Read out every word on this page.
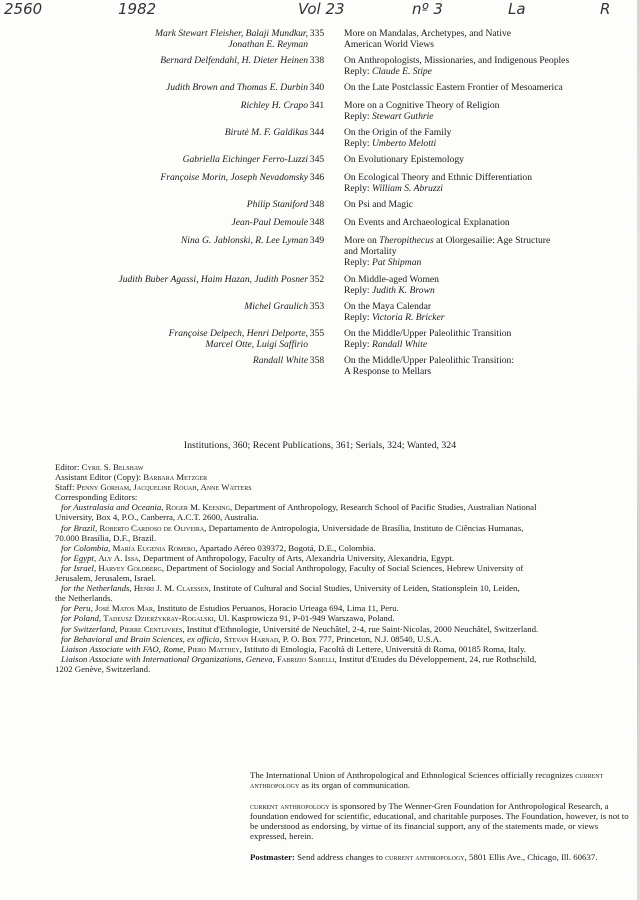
2560	1982	Vol 23	nº 3	La	R
Mark Stewart Fleisher, Balaji Mundkur,
Jonathan E. Reyman
335	More on Mandalas, Archetypes, and Native
American World Views
Bernard Delfendahl, H. Dieter Heinen 338	On Anthropologists, Missionaries, and Indigenous Peoples
Reply: Claude E. Stipe
Judith Brown and Thomas E. Durbin 340	On the Late Postclassic Eastern Frontier of Mesoamerica
Richley H. Crapo 341	More on a Cognitive Theory of Religion
Reply: Stewart Guthrie
Birutė M. F. Galdikas 344	On the Origin of the Family
Reply: Umberto Melotti
Gabriella Eichinger Ferro-Luzzi 345	On Evolutionary Epistemology
Françoise Morin, Joseph Nevadomsky 346	On Ecological Theory and Ethnic Differentiation
Reply: William S. Abruzzi
Philip Staniford 348	On Psi and Magic
Jean-Paul Demoule 348	On Events and Archaeological Explanation
Nina G. Jablonski, R. Lee Lyman 349	More on Theropithecus at Olorgesailie: Age Structure
and Mortality
Reply: Pat Shipman
Judith Buber Agassi, Haim Hazan, Judith Posner 352	On Middle-aged Women
Reply: Judith K. Brown
Michel Graulich 353	On the Maya Calendar
Reply: Victoria R. Bricker
Françoise Delpech, Henri Delporte,
Marcel Otte, Luigi Saffirio
355	On the Middle/Upper Paleolithic Transition
Reply: Randall White
Randall White 358	On the Middle/Upper Paleolithic Transition:
A Response to Mellars
Institutions, 360; Recent Publications, 361; Serials, 324; Wanted, 324
Editor: Cyril S. Belshaw
Assistant Editor (Copy): Barbara Metzger
Staff: Penny Gorham, Jacqueline Rouah, Anne Watters
Corresponding Editors:
for Australasia and Oceania, Roger M. Keesing, Department of Anthropology, Research School of Pacific Studies, Australian National
University, Box 4, P.O., Canberra, A.C.T. 2600, Australia.
for Brazil, Roberto Cardoso de Oliveira, Departamento de Antropologia, Universidade de Brasília, Instituto de Ciências Humanas,
70.000 Brasília, D.F., Brazil.
for Colombia, María Eugenia Romero, Apartado Aéreo 039372, Bogotá, D.E., Colombia.
for Egypt, Aly A. Issa, Department of Anthropology, Faculty of Arts, Alexandria University, Alexandria, Egypt.
for Israel, Harvey Goldberg, Department of Sociology and Social Anthropology, Faculty of Social Sciences, Hebrew University of
Jerusalem, Jerusalem, Israel.
for the Netherlands, Henri J. M. Claessen, Institute of Cultural and Social Studies, University of Leiden, Stationsplein 10, Leiden,
the Netherlands.
for Peru, José Matos Mar, Instituto de Estudios Peruanos, Horacio Urteaga 694, Lima 11, Peru.
for Poland, Tadeusz Dzierżykray-Rogalski, Ul. Kasprowicza 91, P-01-949 Warszawa, Poland.
for Switzerland, Pierre Centlivres, Institut d'Ethnologie, Université de Neuchâtel, 2-4, rue Saint-Nicolas, 2000 Neuchâtel, Switzerland.
for Behavioral and Brain Sciences, ex officio, Stevan Harnad, P. O. Box 777, Princeton, N.J. 08540, U.S.A.
Liaison Associate with FAO, Rome, Piero Matthey, Istituto di Etnologia, Facoltà di Lettere, Università di Roma, 00185 Roma, Italy.
Liaison Associate with International Organizations, Geneva, Fabrizio Sabelli, Institut d'Etudes du Développement, 24, rue Rothschild,
1202 Genève, Switzerland.

The International Union of Anthropological and Ethnological Sciences officially recognizes current anthropology as its organ of communication.

current anthropology is sponsored by The Wenner-Gren Foundation for Anthropological Research, a foundation endowed for scientific, educational, and charitable purposes. The Foundation, however, is not to be understood as endorsing, by virtue of its financial support, any of the statements made, or views expressed, herein.

Postmaster: Send address changes to current anthropology, 5801 Ellis Ave., Chicago, Ill. 60637.
